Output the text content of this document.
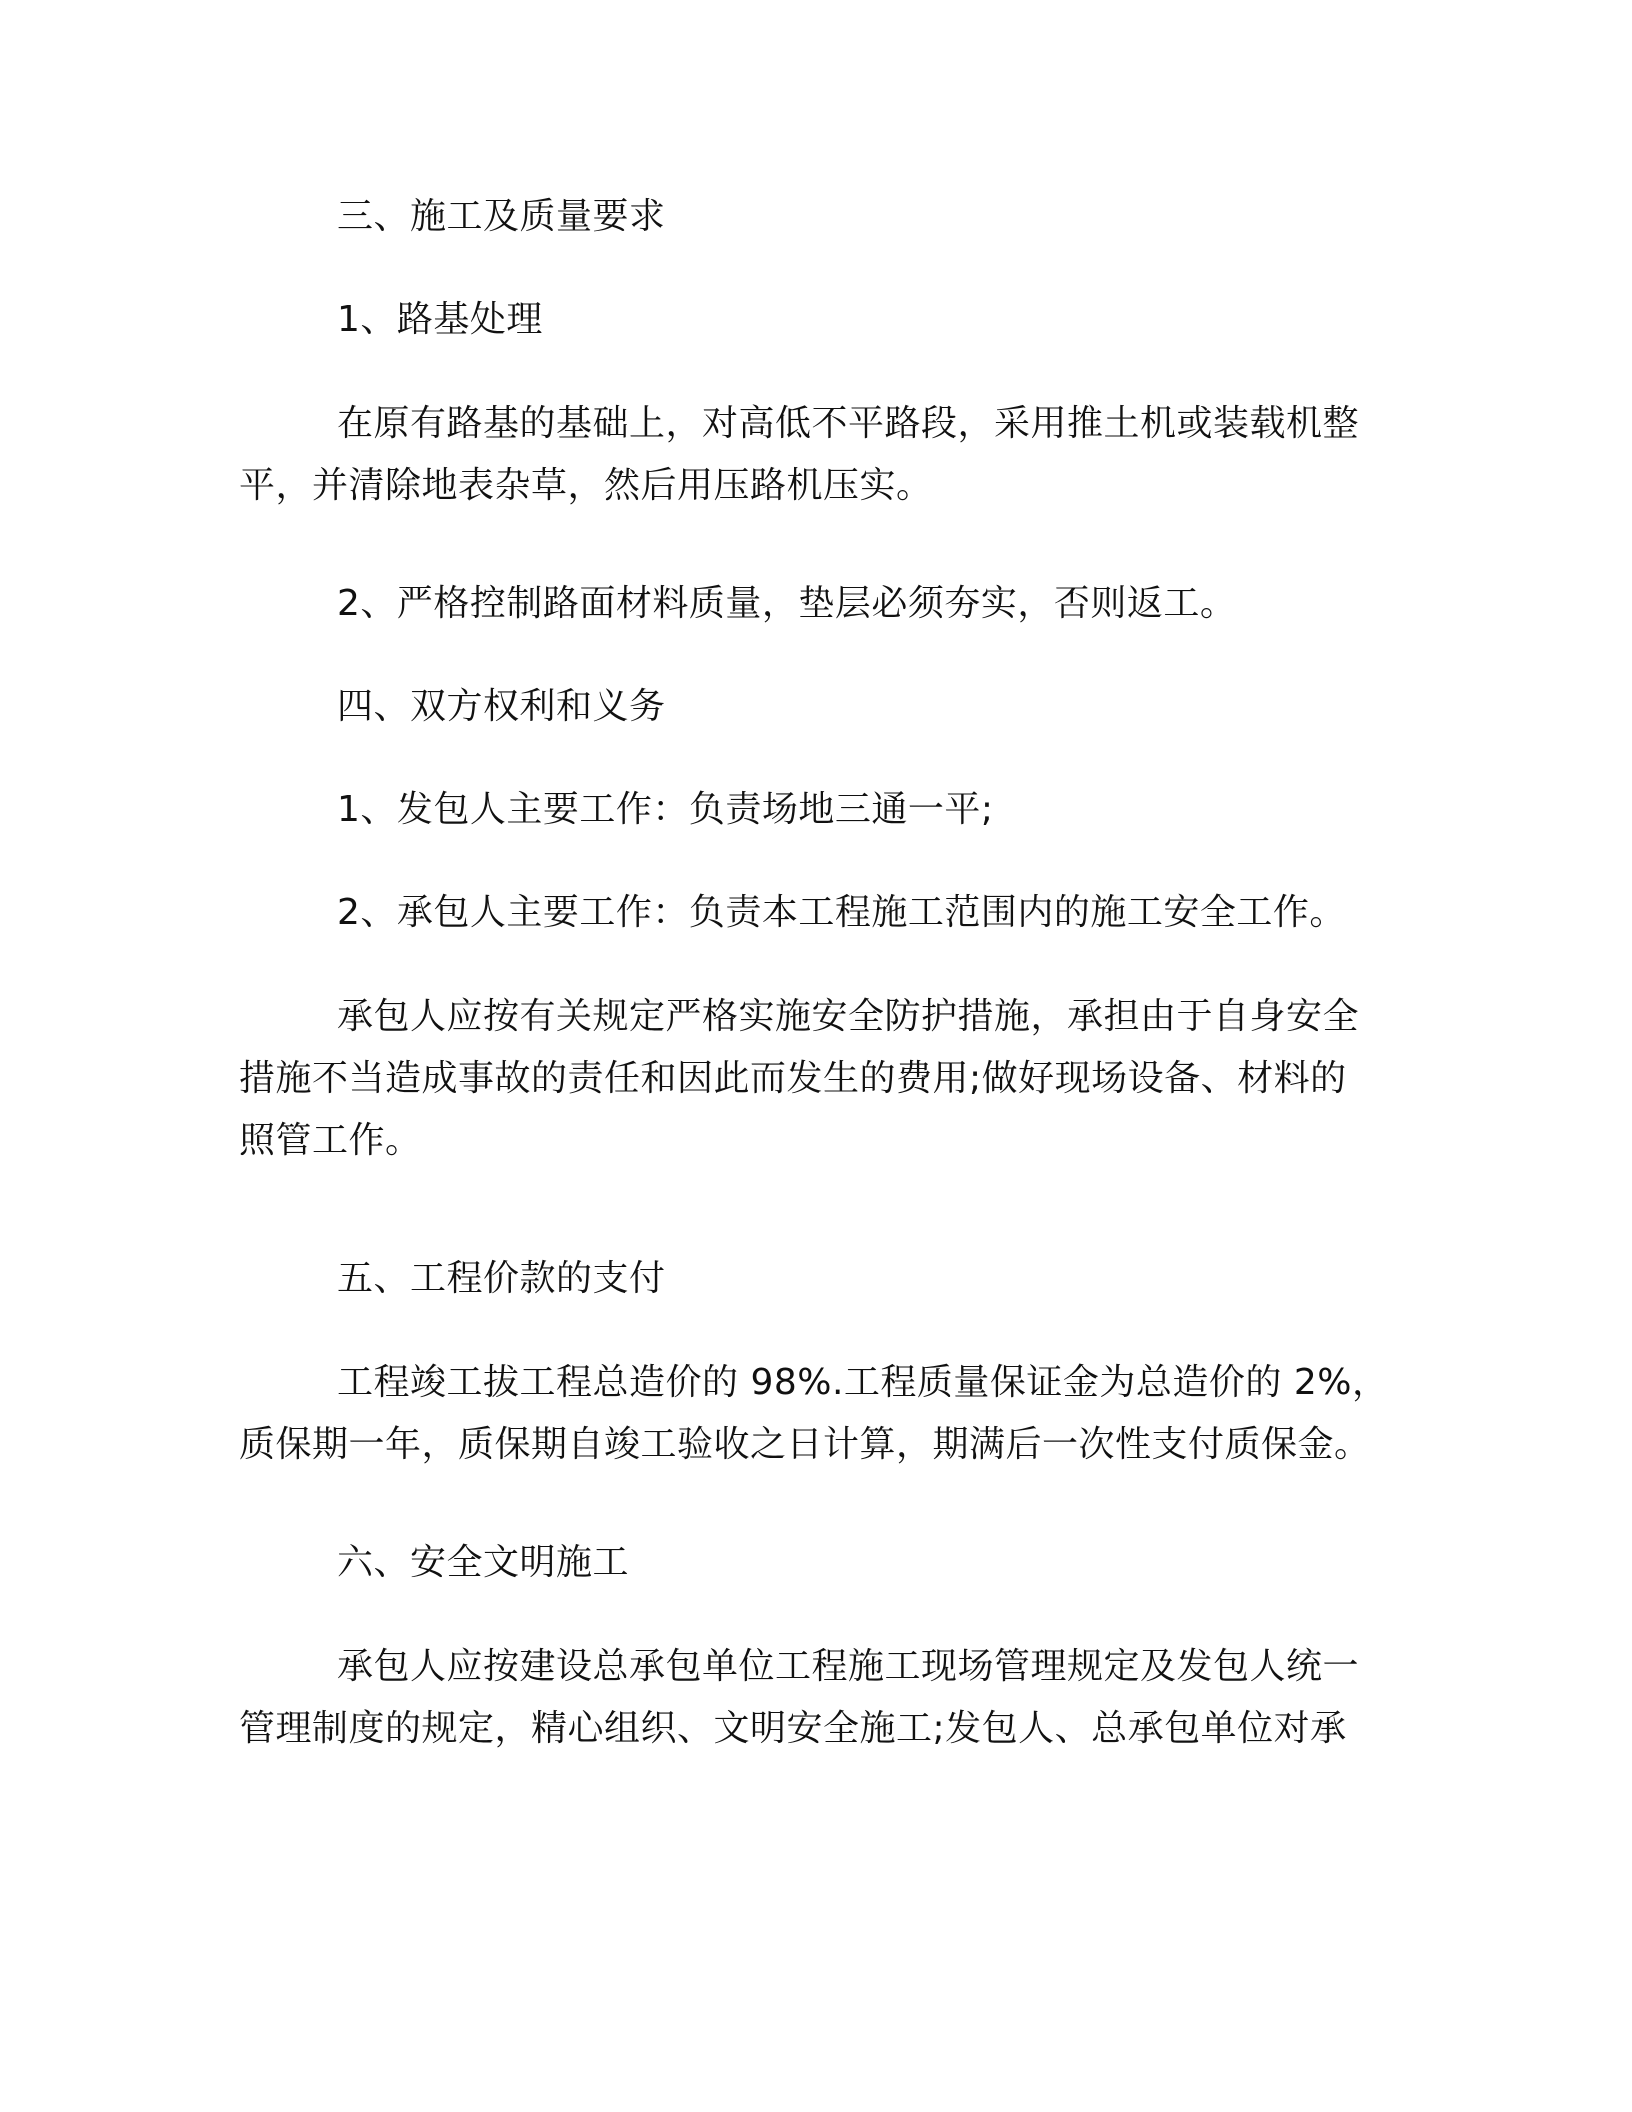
三、施工及质量要求

1、路基处理

在原有路基的基础上，对高低不平路段，采用推土机或装载机整
平，并清除地表杂草，然后用压路机压实。

2、严格控制路面材料质量，垫层必须夯实，否则返工。

四、双方权利和义务

1、发包人主要工作：负责场地三通一平;

2、承包人主要工作：负责本工程施工范围内的施工安全工作。

承包人应按有关规定严格实施安全防护措施，承担由于自身安全
措施不当造成事故的责任和因此而发生的费用;做好现场设备、材料的
照管工作。

五、工程价款的支付

工程竣工拔工程总造价的 98%.工程质量保证金为总造价的 2%，
质保期一年，质保期自竣工验收之日计算，期满后一次性支付质保金。

六、安全文明施工

承包人应按建设总承包单位工程施工现场管理规定及发包人统一
管理制度的规定，精心组织、文明安全施工;发包人、总承包单位对承
